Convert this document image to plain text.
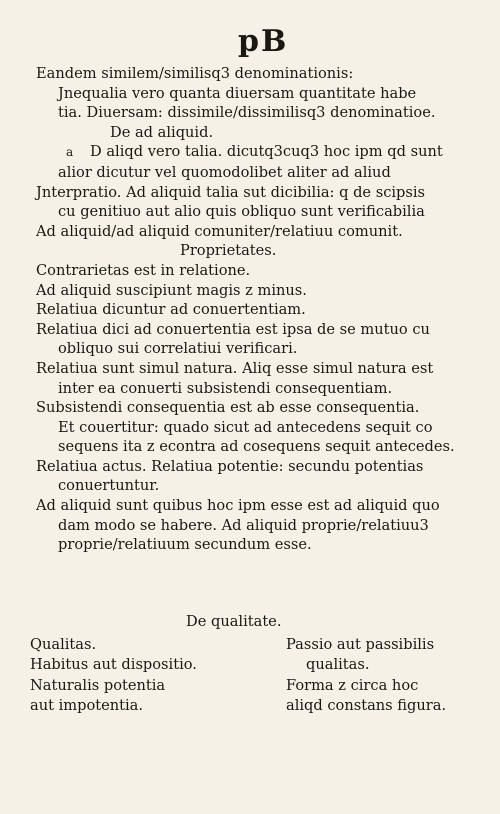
pB
Eandem similem/similisq3 denominationis:
Jnequalia vero quanta diuersam quantitate habe
tia. Diuersam: dissimile/dissimilisq3 denominatioe.
De ad aliquid.
a D aliqd vero talia. dicutq3cuq3 hoc ipm qd sunt
alior dicutur vel quomodolibet aliter ad aliud
Jnterpratio. Ad aliquid talia sut dicibilia: q de scipsis
cu genitiuo aut alio quis obliquo sunt verificabilia
Ad aliquid/ad aliquid comuniter/relatiuu comunit.
Proprietates.
Contrarietas est in relatione.
Ad aliquid suscipiunt magis z minus.
Relatiua dicuntur ad conuertentiam.
Relatiua dici ad conuertentia est ipsa de se mutuo cu
obliquo sui correlatiui verificari.
Relatiua sunt simul natura. Aliq esse simul natura est
inter ea conuerti subsistendi consequentiam.
Subsistendi consequentia est ab esse consequentia.
Et couertitur: quado sicut ad antecedens sequit co
sequens ita z econtra ad cosequens sequit antecedes.
Relatiua actus. Relatiua potentie: secundu potentias
conuertuntur.
Ad aliquid sunt quibus hoc ipm esse est ad aliquid quo
dam modo se habere. Ad aliquid proprie/relatiuu3
proprie/relatiuum secundum esse.
De qualitate.
Qualitas.
Habitus aut dispositio.
Naturalis potentia
aut impotentia.
Passio aut passibilis
qualitas.
Forma z circa hoc
aliqd constans figura.
